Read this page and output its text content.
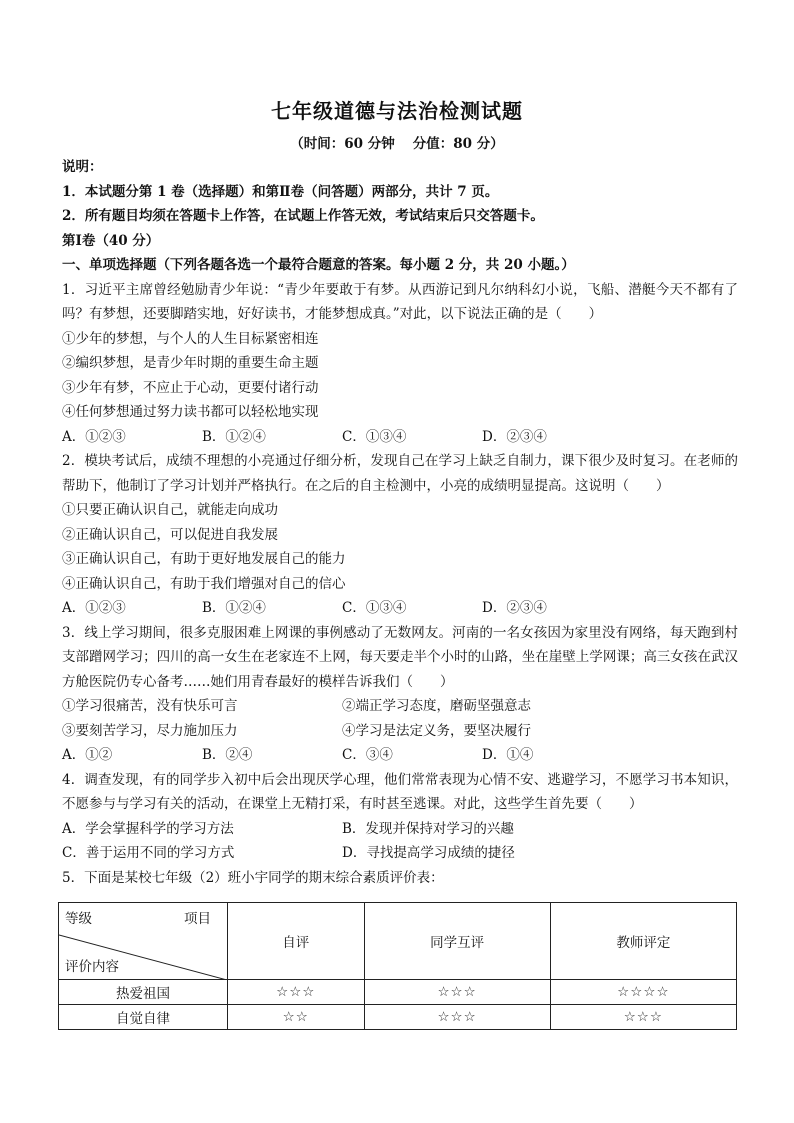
七年级道德与法治检测试题
（时间：60 分钟 分值：80 分）
说明：
1．本试题分第 1 卷（选择题）和第Ⅱ卷（问答题）两部分，共计 7 页。
2．所有题目均须在答题卡上作答，在试题上作答无效，考试结束后只交答题卡。
第Ⅰ卷（40 分）
一、单项选择题（下列各题各选一个最符合题意的答案。每小题 2 分，共 20 小题。）
1．习近平主席曾经勉励青少年说：“青少年要敢于有梦。从西游记到凡尔纳科幻小说，飞船、潜艇今天不都有了吗？有梦想，还要脚踏实地，好好读书，才能梦想成真。”对此，以下说法正确的是（　　）
①少年的梦想，与个人的人生目标紧密相连
②编织梦想，是青少年时期的重要生命主题
③少年有梦，不应止于心动，更要付诸行动
④任何梦想通过努力读书都可以轻松地实现
A．①②③	B．①②④	C．①③④	D．②③④
2．模块考试后，成绩不理想的小亮通过仔细分析，发现自己在学习上缺乏自制力，课下很少及时复习。在老师的帮助下，他制订了学习计划并严格执行。在之后的自主检测中，小亮的成绩明显提高。这说明（　　）
①只要正确认识自己，就能走向成功
②正确认识自己，可以促进自我发展
③正确认识自己，有助于更好地发展自己的能力
④正确认识自己，有助于我们增强对自己的信心
A．①②③	B．①②④	C．①③④	D．②③④
3．线上学习期间，很多克服困难上网课的事例感动了无数网友。河南的一名女孩因为家里没有网络，每天跑到村支部蹭网学习；四川的高一女生在老家连不上网，每天要走半个小时的山路，坐在崖壁上学网课；高三女孩在武汉方舱医院仍专心备考……她们用青春最好的模样告诉我们（　　）
①学习很痛苦，没有快乐可言	②端正学习态度，磨砺坚强意志
③要刻苦学习，尽力施加压力	④学习是法定义务，要坚决履行
A．①②	B．②④	C．③④	D．①④
4．调查发现，有的同学步入初中后会出现厌学心理，他们常常表现为心情不安、逃避学习，不愿学习书本知识，不愿参与与学习有关的活动，在课堂上无精打采，有时甚至逃课。对此，这些学生首先要（　　）
A．学会掌握科学的学习方法	B．发现并保持对学习的兴趣
C．善于运用不同的学习方式	D．寻找提高学习成绩的捷径
5．下面是某校七年级（2）班小宇同学的期末综合素质评价表：
等级 项目
评价内容	自评	同学互评	教师评定
热爱祖国	☆☆☆	☆☆☆	☆☆☆☆
自觉自律	☆☆	☆☆☆	☆☆☆
